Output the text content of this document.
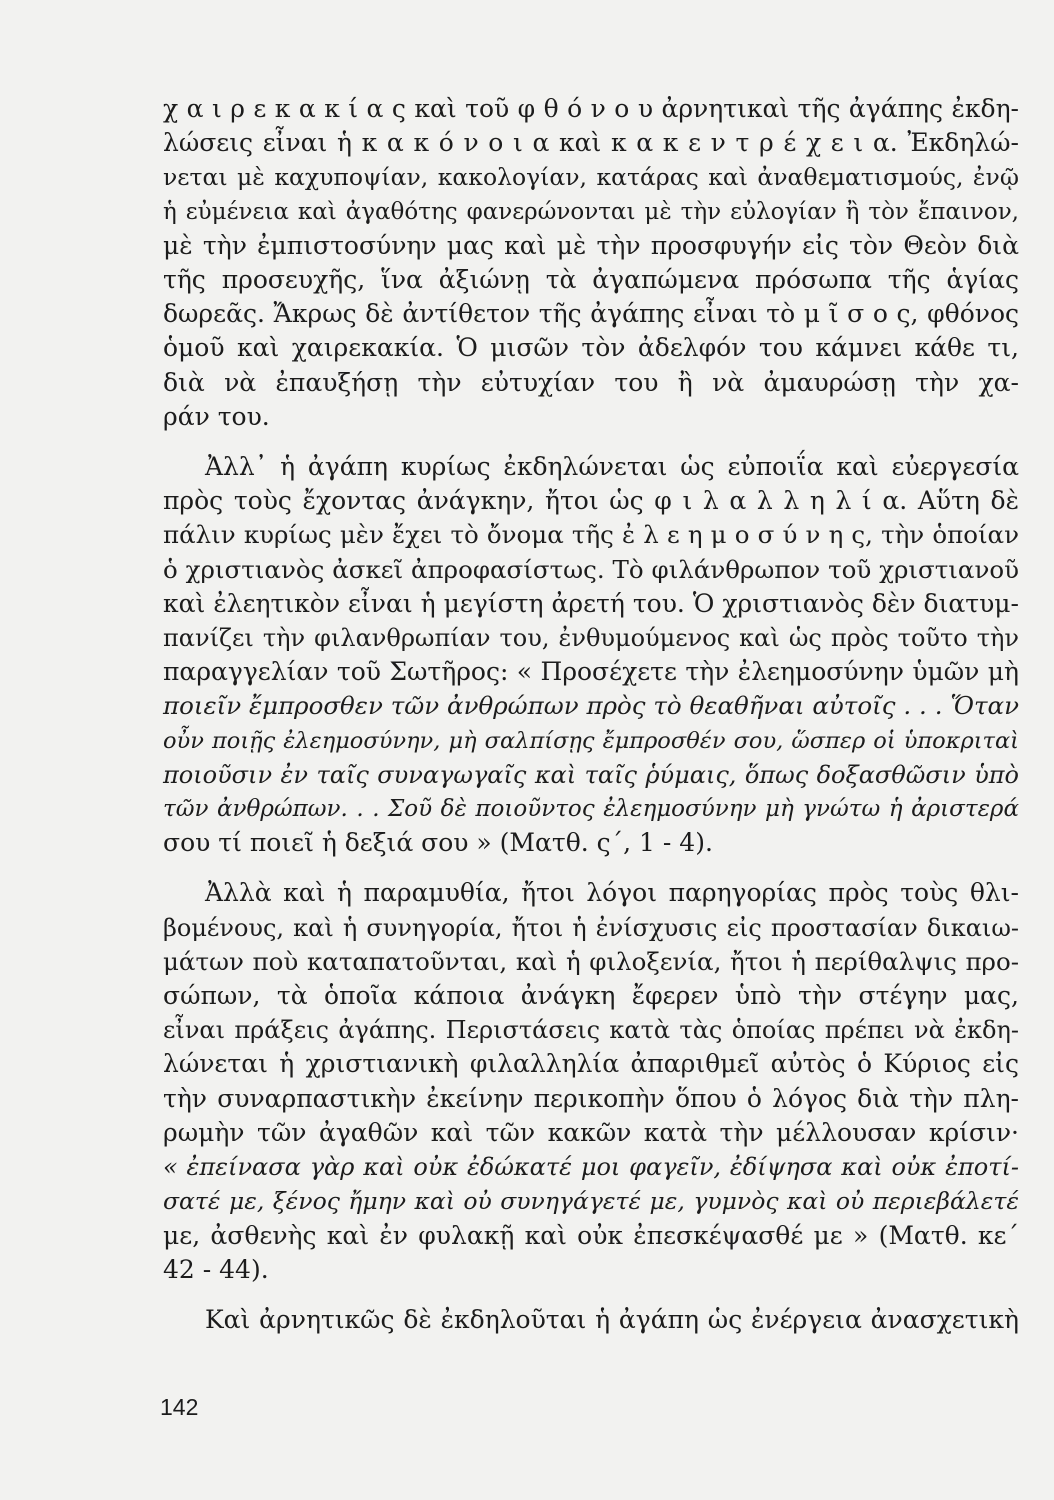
χ α ι ρ ε κ α κ ί α ς καὶ τοῦ φ θ ό ν ο υ ἀρνητικαὶ τῆς ἀγάπης ἐκδη-
λώσεις εἶναι ἡ κ α κ ό ν ο ι α καὶ κ α κ ε ν τ ρ έ χ ε ι α. Ἐκδηλώ-
νεται μὲ καχυποψίαν, κακολογίαν, κατάρας καὶ ἀναθεματισμούς, ἐνῷ
ἡ εὐμένεια καὶ ἀγαθότης φανερώνονται μὲ τὴν εὐλογίαν ἢ τὸν ἔπαινον,
μὲ τὴν ἐμπιστοσύνην μας καὶ μὲ τὴν προσφυγήν εἰς τὸν Θεὸν διὰ
τῆς προσευχῆς, ἵνα ἀξιώνῃ τὰ ἀγαπώμενα πρόσωπα τῆς ἁγίας
δωρεᾶς. Ἄκρως δὲ ἀντίθετον τῆς ἀγάπης εἶναι τὸ μ ῖ σ ο ς, φθόνος
ὁμοῦ καὶ χαιρεκακία. Ὁ μισῶν τὸν ἀδελφόν του κάμνει κάθε τι,
διὰ νὰ ἐπαυξήσῃ τὴν εὐτυχίαν του ἢ νὰ ἀμαυρώσῃ τὴν χα-
ράν του.
Ἀλλ᾽ ἡ ἀγάπη κυρίως ἐκδηλώνεται ὡς εὐποιΐα καὶ εὐεργεσία
πρὸς τοὺς ἔχοντας ἀνάγκην, ἤτοι ὡς φ ι λ α λ λ η λ ί α. Αὕτη δὲ
πάλιν κυρίως μὲν ἔχει τὸ ὄνομα τῆς ἐ λ ε η μ ο σ ύ ν η ς, τὴν ὁποίαν
ὁ χριστιανὸς ἀσκεῖ ἀπροφασίστως. Τὸ φιλάνθρωπον τοῦ χριστιανοῦ
καὶ ἐλεητικὸν εἶναι ἡ μεγίστη ἀρετή του. Ὁ χριστιανὸς δὲν διατυμ-
πανίζει τὴν φιλανθρωπίαν του, ἐνθυμούμενος καὶ ὡς πρὸς τοῦτο τὴν
παραγγελίαν τοῦ Σωτῆρος: « Προσέχετε τὴν ἐλεημοσύνην ὑμῶν μὴ
ποιεῖν ἔμπροσθεν τῶν ἀνθρώπων πρὸς τὸ θεαθῆναι αὐτοῖς . . . Ὅταν
οὖν ποιῇς ἐλεημοσύνην, μὴ σαλπίσῃς ἔμπροσθέν σου, ὥσπερ οἱ ὑποκριταὶ
ποιοῦσιν ἐν ταῖς συναγωγαῖς καὶ ταῖς ῥύμαις, ὅπως δοξασθῶσιν ὑπὸ
τῶν ἀνθρώπων. . . Σοῦ δὲ ποιοῦντος ἐλεημοσύνην μὴ γνώτω ἡ ἀριστερά
σου τί ποιεῖ ἡ δεξιά σου » (Ματθ. ς΄, 1 - 4).
Ἀλλὰ καὶ ἡ παραμυθία, ἤτοι λόγοι παρηγορίας πρὸς τοὺς θλι-
βομένους, καὶ ἡ συνηγορία, ἤτοι ἡ ἐνίσχυσις εἰς προστασίαν δικαιω-
μάτων ποὺ καταπατοῦνται, καὶ ἡ φιλοξενία, ἤτοι ἡ περίθαλψις προ-
σώπων, τὰ ὁποῖα κάποια ἀνάγκη ἔφερεν ὑπὸ τὴν στέγην μας,
εἶναι πράξεις ἀγάπης. Περιστάσεις κατὰ τὰς ὁποίας πρέπει νὰ ἐκδη-
λώνεται ἡ χριστιανικὴ φιλαλληλία ἀπαριθμεῖ αὐτὸς ὁ Κύριος εἰς
τὴν συναρπαστικὴν ἐκείνην περικοπὴν ὅπου ὁ λόγος διὰ τὴν πλη-
ρωμὴν τῶν ἀγαθῶν καὶ τῶν κακῶν κατὰ τὴν μέλλουσαν κρίσιν·
« ἐπείνασα γὰρ καὶ οὐκ ἐδώκατέ μοι φαγεῖν, ἐδίψησα καὶ οὐκ ἐποτί-
σατέ με, ξένος ἤμην καὶ οὐ συνηγάγετέ με, γυμνὸς καὶ οὐ περιεβάλετέ
με, ἀσθενὴς καὶ ἐν φυλακῇ καὶ οὐκ ἐπεσκέψασθέ με » (Ματθ. κε΄
42 - 44).
Καὶ ἀρνητικῶς δὲ ἐκδηλοῦται ἡ ἀγάπη ὡς ἐνέργεια ἀνασχετικὴ
142
